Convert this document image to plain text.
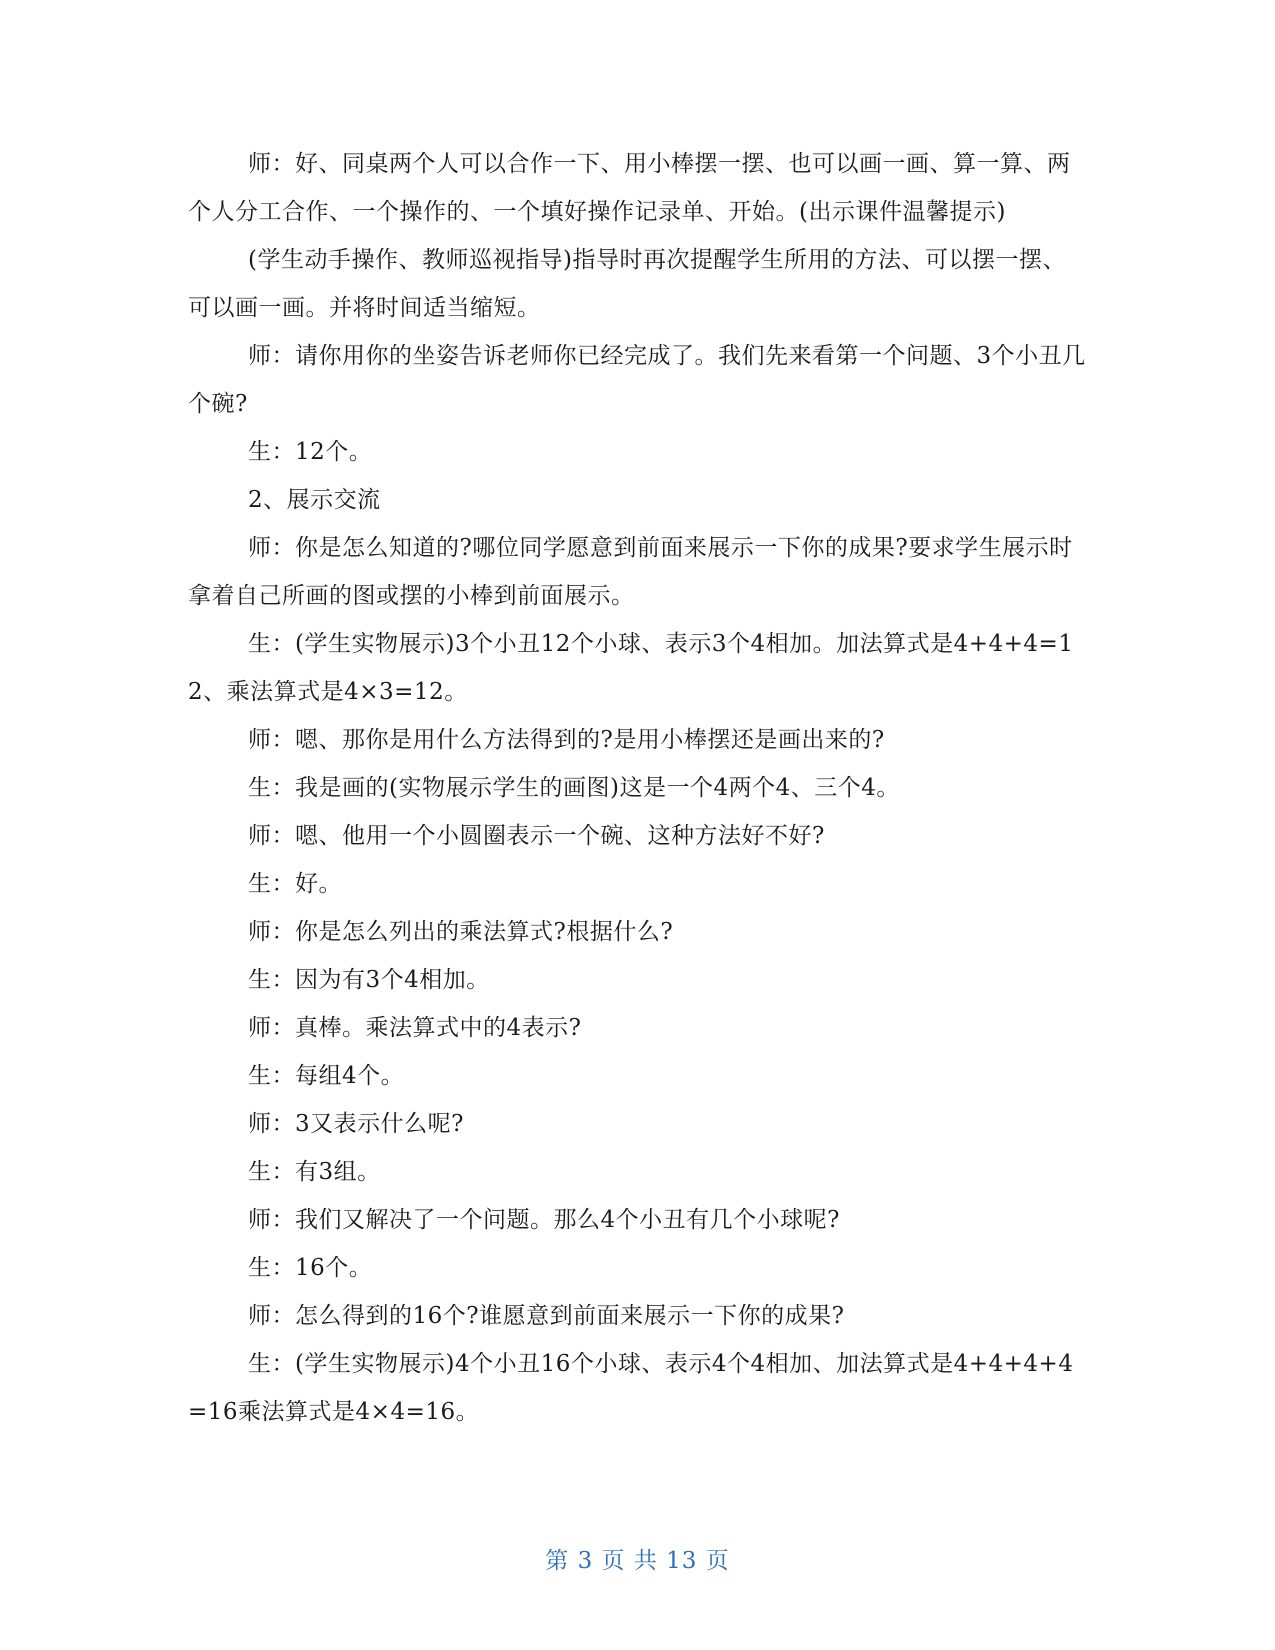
师：好、同桌两个人可以合作一下、用小棒摆一摆、也可以画一画、算一算、两个人分工合作、一个操作的、一个填好操作记录单、开始。(出示课件温馨提示)

(学生动手操作、教师巡视指导)指导时再次提醒学生所用的方法、可以摆一摆、可以画一画。并将时间适当缩短。

师：请你用你的坐姿告诉老师你已经完成了。我们先来看第一个问题、3个小丑几个碗?

生：12个。

2、展示交流

师：你是怎么知道的?哪位同学愿意到前面来展示一下你的成果?要求学生展示时拿着自己所画的图或摆的小棒到前面展示。

生：(学生实物展示)3个小丑12个小球、表示3个4相加。加法算式是4+4+4=12、乘法算式是4×3=12。

师：嗯、那你是用什么方法得到的?是用小棒摆还是画出来的?

生：我是画的(实物展示学生的画图)这是一个4两个4、三个4。

师：嗯、他用一个小圆圈表示一个碗、这种方法好不好?

生：好。

师：你是怎么列出的乘法算式?根据什么?

生：因为有3个4相加。

师：真棒。乘法算式中的4表示?

生：每组4个。

师：3又表示什么呢?

生：有3组。

师：我们又解决了一个问题。那么4个小丑有几个小球呢?

生：16个。

师：怎么得到的16个?谁愿意到前面来展示一下你的成果?

生：(学生实物展示)4个小丑16个小球、表示4个4相加、加法算式是4+4+4+4=16乘法算式是4×4=16。

第 3 页 共 13 页
